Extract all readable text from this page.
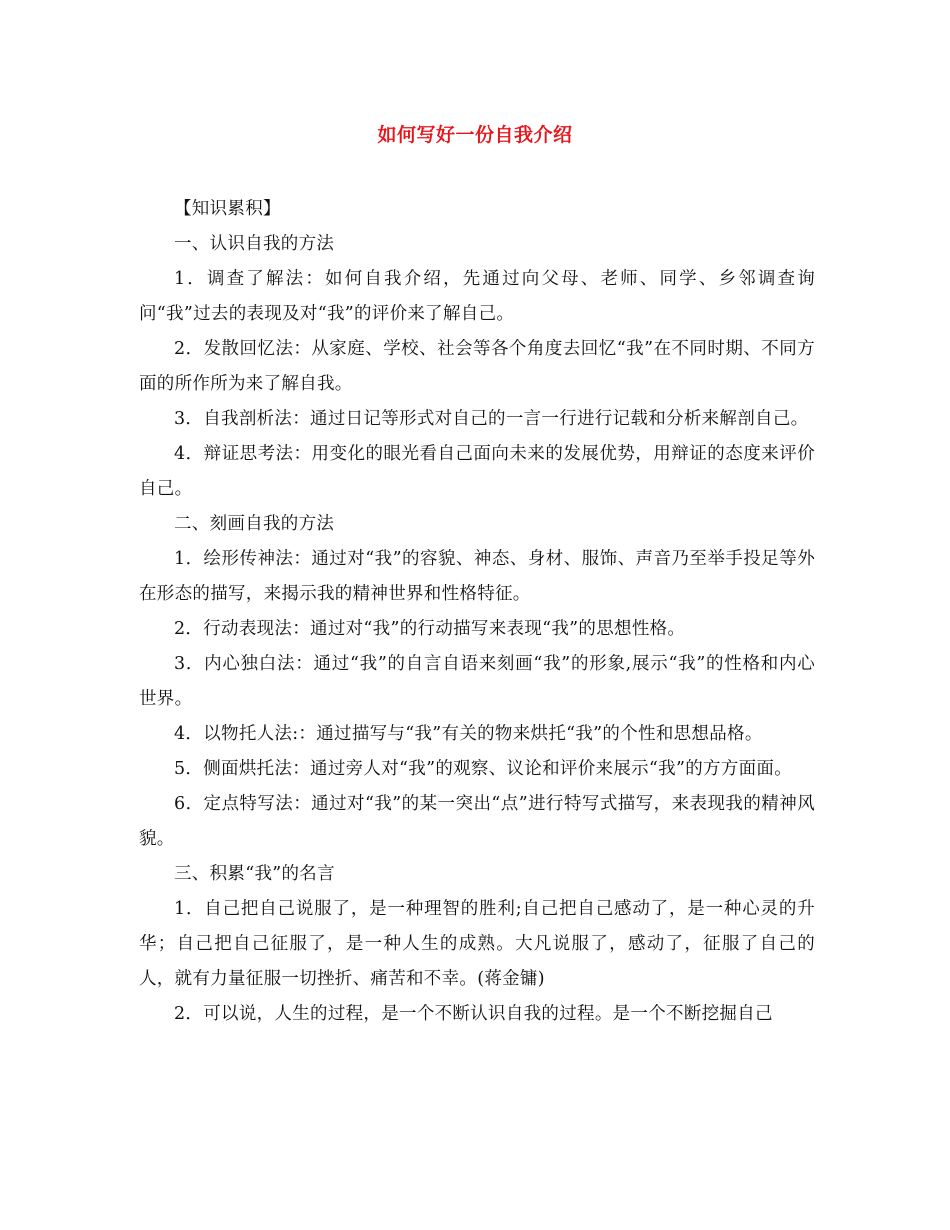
如何写好一份自我介绍

【知识累积】

一、认识自我的方法

1．调查了解法：如何自我介绍，先通过向父母、老师、同学、乡邻调查询问“我”过去的表现及对“我”的评价来了解自己。

2．发散回忆法：从家庭、学校、社会等各个角度去回忆“我”在不同时期、不同方面的所作所为来了解自我。

3．自我剖析法：通过日记等形式对自己的一言一行进行记载和分析来解剖自己。

4．辩证思考法：用变化的眼光看自己面向未来的发展优势，用辩证的态度来评价自己。

二、刻画自我的方法

1．绘形传神法：通过对“我”的容貌、神态、身材、服饰、声音乃至举手投足等外在形态的描写，来揭示我的精神世界和性格特征。

2．行动表现法：通过对“我”的行动描写来表现“我”的思想性格。

3．内心独白法：通过“我”的自言自语来刻画“我”的形象,展示“我”的性格和内心世界。

4．以物托人法:：通过描写与“我”有关的物来烘托“我”的个性和思想品格。

5．侧面烘托法：通过旁人对“我”的观察、议论和评价来展示“我”的方方面面。

6．定点特写法：通过对“我”的某一突出“点”进行特写式描写，来表现我的精神风貌。

三、积累“我”的名言

1．自己把自己说服了，是一种理智的胜利;自己把自己感动了，是一种心灵的升华；自己把自己征服了，是一种人生的成熟。大凡说服了，感动了，征服了自己的人，就有力量征服一切挫折、痛苦和不幸。(蒋金镛)

2．可以说，人生的过程，是一个不断认识自我的过程。是一个不断挖掘自己
